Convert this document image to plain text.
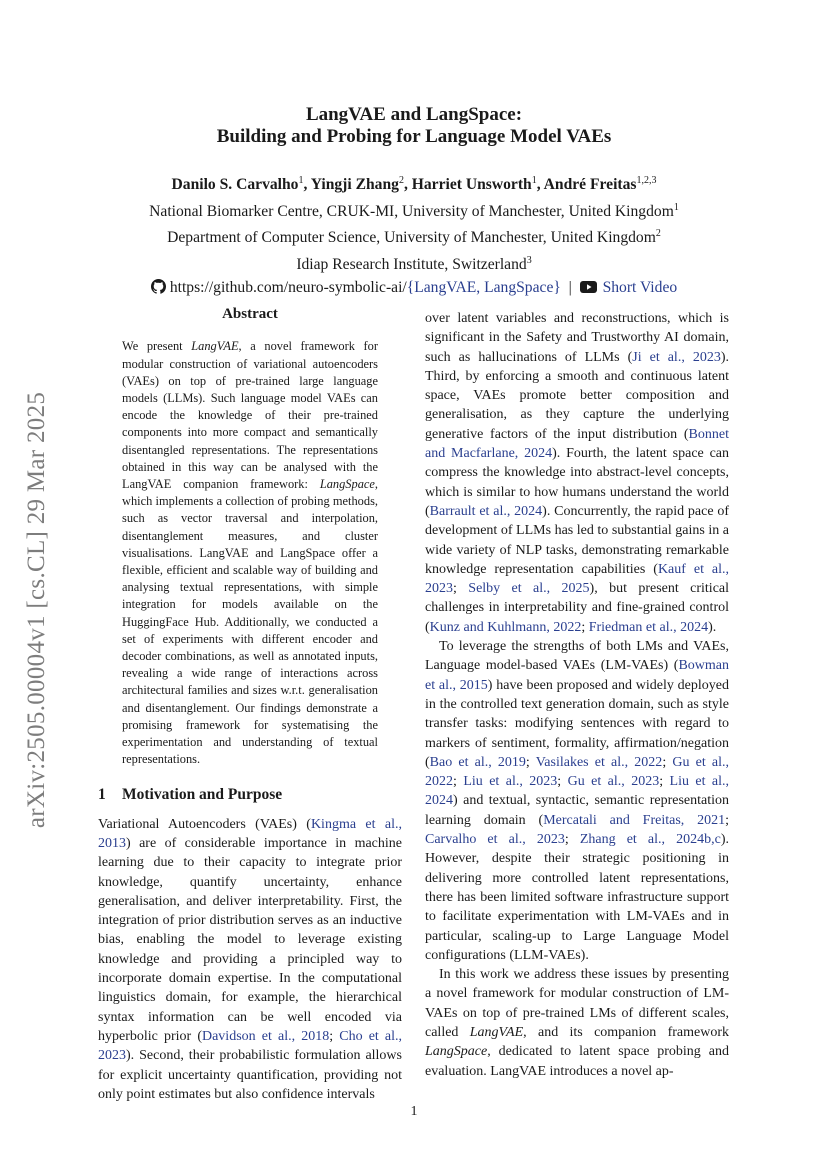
arXiv:2505.00004v1 [cs.CL] 29 Mar 2025
LangVAE and LangSpace:
Building and Probing for Language Model VAEs
Danilo S. Carvalho$^1$, Yingji Zhang$^2$, Harriet Unsworth$^1$, André Freitas$^{1,2,3}$
National Biomarker Centre, CRUK-MI, University of Manchester, United Kingdom$^1$
Department of Computer Science, University of Manchester, United Kingdom$^2$
Idiap Research Institute, Switzerland$^3$
https://github.com/neuro-symbolic-ai/{LangVAE, LangSpace} | Short Video
Abstract

We present LangVAE, a novel framework for modular construction of variational autoencoders (VAEs) on top of pre-trained large language models (LLMs). Such language model VAEs can encode the knowledge of their pre-trained components into more compact and semantically disentangled representations. The representations obtained in this way can be analysed with the LangVAE companion framework: LangSpace, which implements a collection of probing methods, such as vector traversal and interpolation, disentanglement measures, and cluster visualisations. LangVAE and LangSpace offer a flexible, efficient and scalable way of building and analysing textual representations, with simple integration for models available on the HuggingFace Hub. Additionally, we conducted a set of experiments with different encoder and decoder combinations, as well as annotated inputs, revealing a wide range of interactions across architectural families and sizes w.r.t. generalisation and disentanglement. Our findings demonstrate a promising framework for systematising the experimentation and understanding of textual representations.

1 Motivation and Purpose

Variational Autoencoders (VAEs) (Kingma et al., 2013) are of considerable importance in machine learning due to their capacity to integrate prior knowledge, quantify uncertainty, enhance generalisation, and deliver interpretability. First, the integration of prior distribution serves as an inductive bias, enabling the model to leverage existing knowledge and providing a principled way to incorporate domain expertise. In the computational linguistics domain, for example, the hierarchical syntax information can be well encoded via hyperbolic prior (Davidson et al., 2018; Cho et al., 2023). Second, their probabilistic formulation allows for explicit uncertainty quantification, providing not only point estimates but also confidence intervals

over latent variables and reconstructions, which is significant in the Safety and Trustworthy AI domain, such as hallucinations of LLMs (Ji et al., 2023). Third, by enforcing a smooth and continuous latent space, VAEs promote better composition and generalisation, as they capture the underlying generative factors of the input distribution (Bonnet and Macfarlane, 2024). Fourth, the latent space can compress the knowledge into abstract-level concepts, which is similar to how humans understand the world (Barrault et al., 2024). Concurrently, the rapid pace of development of LLMs has led to substantial gains in a wide variety of NLP tasks, demonstrating remarkable knowledge representation capabilities (Kauf et al., 2023; Selby et al., 2025), but present critical challenges in interpretability and fine-grained control (Kunz and Kuhlmann, 2022; Friedman et al., 2024).

To leverage the strengths of both LMs and VAEs, Language model-based VAEs (LM-VAEs) (Bowman et al., 2015) have been proposed and widely deployed in the controlled text generation domain, such as style transfer tasks: modifying sentences with regard to markers of sentiment, formality, affirmation/negation (Bao et al., 2019; Vasilakes et al., 2022; Gu et al., 2022; Liu et al., 2023; Gu et al., 2023; Liu et al., 2024) and textual, syntactic, semantic representation learning domain (Mercatali and Freitas, 2021; Carvalho et al., 2023; Zhang et al., 2024b,c). However, despite their strategic positioning in delivering more controlled latent representations, there has been limited software infrastructure support to facilitate experimentation with LM-VAEs and in particular, scaling-up to Large Language Model configurations (LLM-VAEs).

In this work we address these issues by presenting a novel framework for modular construction of LM-VAEs on top of pre-trained LMs of different scales, called LangVAE, and its companion framework LangSpace, dedicated to latent space probing and evaluation. LangVAE introduces a novel ap-

1
